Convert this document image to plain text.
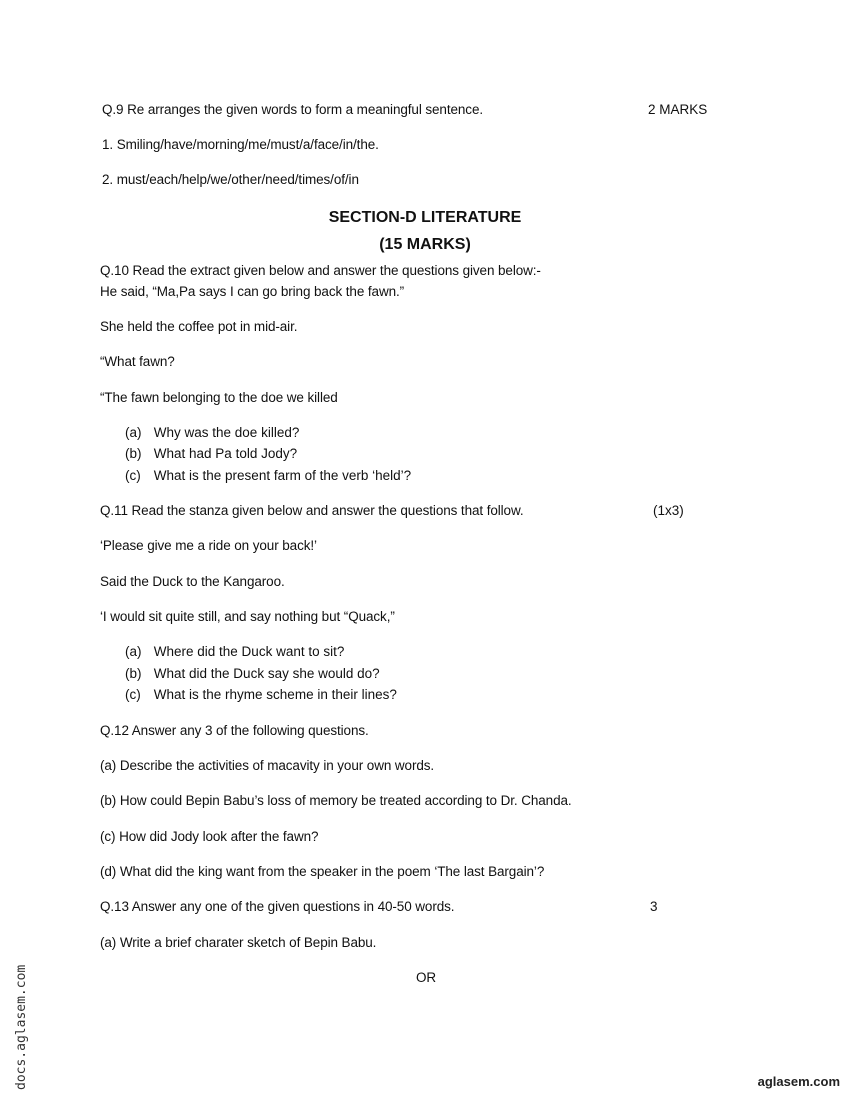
Q.9 Re arranges the given words to form a meaningful sentence.	2 MARKS
1. Smiling/have/morning/me/must/a/face/in/the.
2. must/each/help/we/other/need/times/of/in
SECTION-D LITERATURE
(15 MARKS)
Q.10 Read the extract given below and answer the questions given below:-
He said, “Ma,Pa says I can go bring back the fawn.”
She held the coffee pot in mid-air.
“What fawn?
“The fawn belonging to the doe we killed
(a) Why was the doe killed?
(b) What had Pa told Jody?
(c) What is the present farm of the verb ‘held’?
Q.11 Read the stanza given below and answer the questions that follow.	(1x3)
‘Please give me a ride on your back!’
Said the Duck to the Kangaroo.
‘I would sit quite still, and say nothing but “Quack,”
(a) Where did the Duck want to sit?
(b) What did the Duck say she would do?
(c) What is the rhyme scheme in their lines?
Q.12 Answer any 3 of the following questions.
(a) Describe the activities of macavity in your own words.
(b) How could Bepin Babu’s loss of memory be treated according to Dr. Chanda.
(c) How did Jody look after the fawn?
(d) What did the king want from the speaker in the poem ‘The last Bargain’?
Q.13 Answer any one of the given questions in 40-50 words.	3
(a) Write a brief charater sketch of Bepin Babu.
OR
docs.aglasem.com	aglasem.com
